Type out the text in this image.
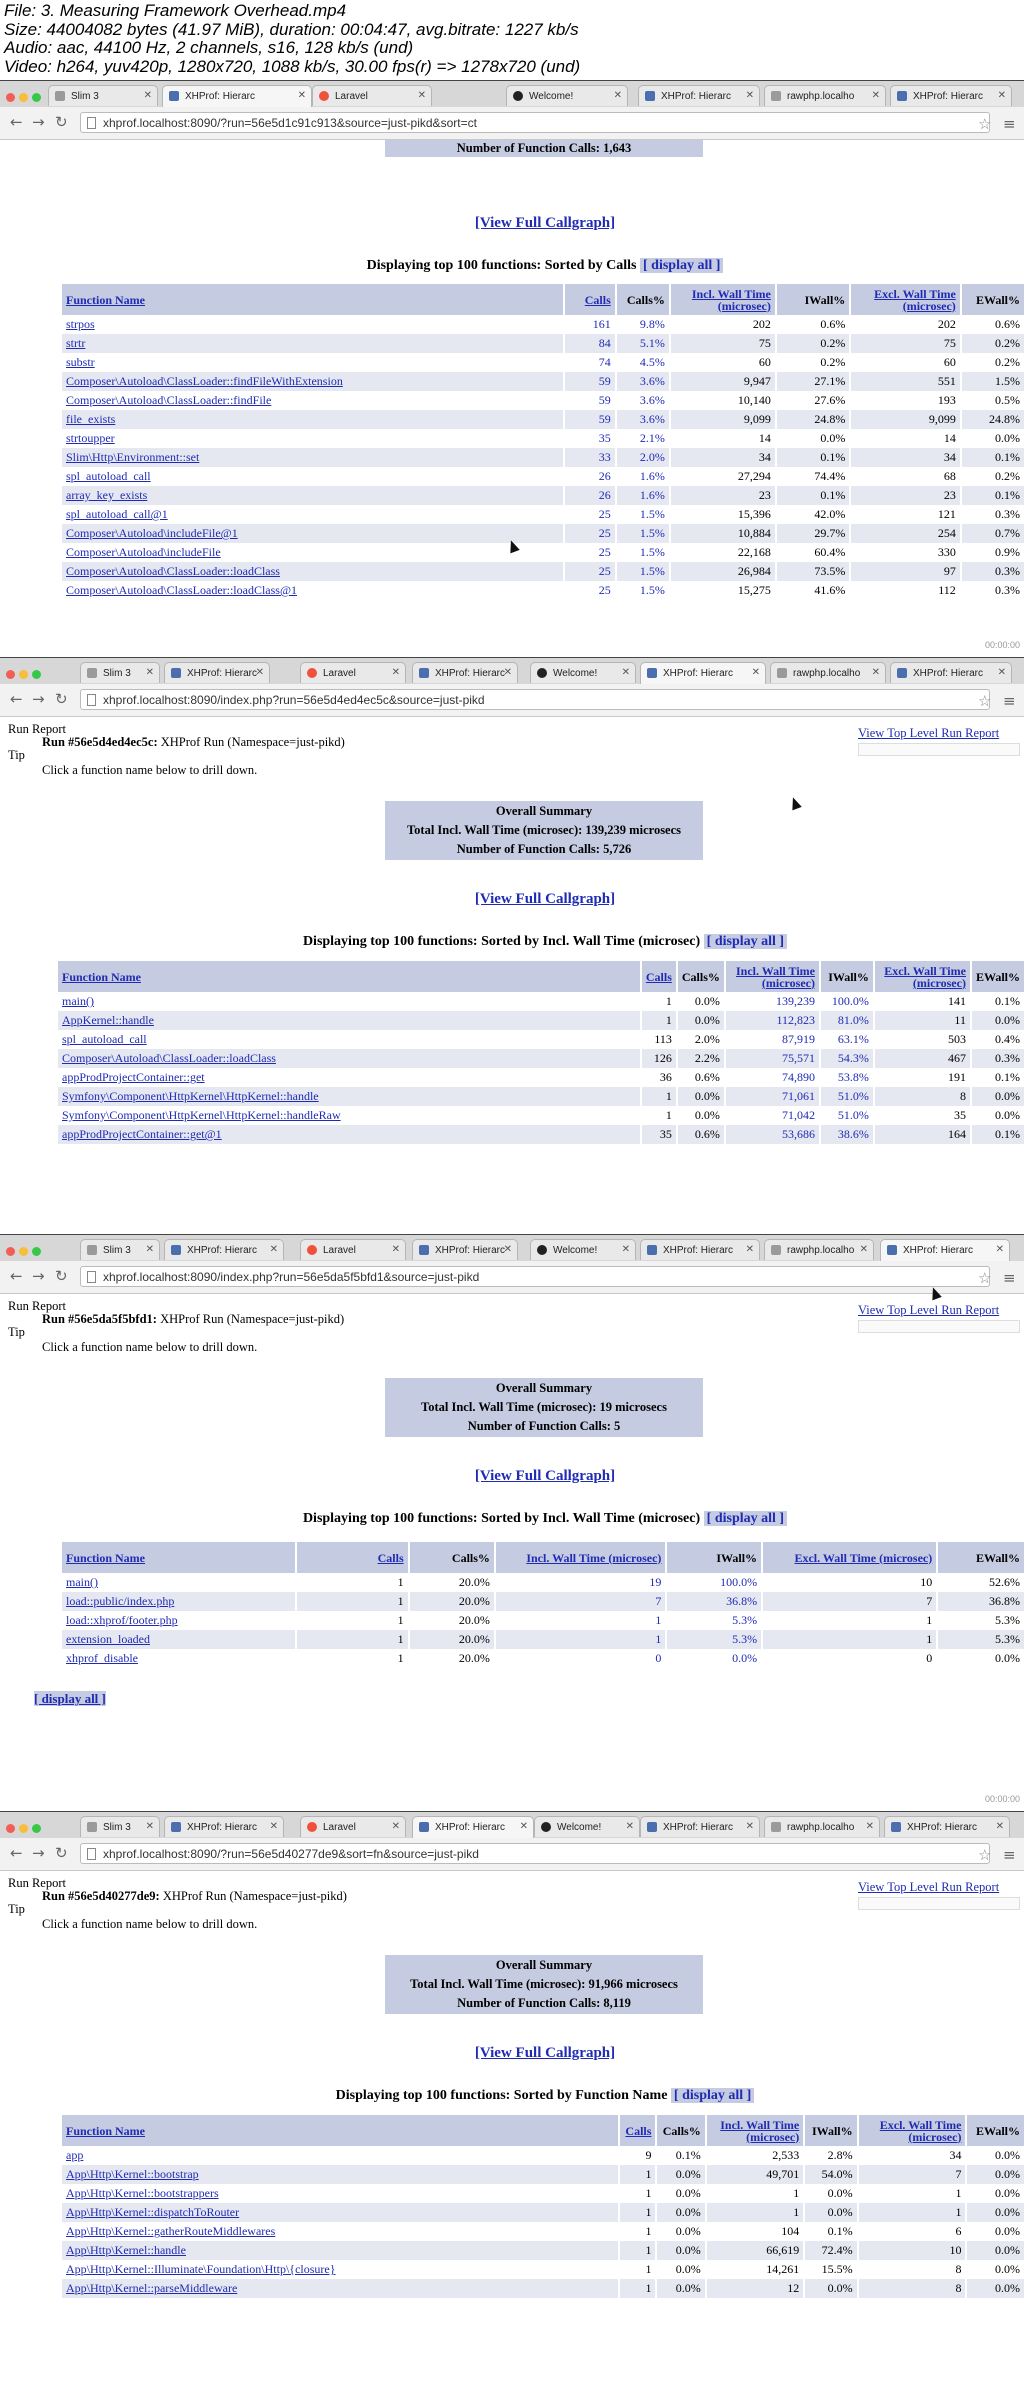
File: 3. Measuring Framework Overhead.mp4
Size: 44004082 bytes (41.97 MiB), duration: 00:04:47, avg.bitrate: 1227 kb/s
Audio: aac, 44100 Hz, 2 channels, s16, 128 kb/s (und)
Video: h264, yuv420p, 1280x720, 1088 kb/s, 30.00 fps(r) => 1278x720 (und)
Slim 3	✕	XHProf: Hierarc	✕	Laravel	✕	Welcome!	✕	XHProf: Hierarc ✕	rawphp.localho ✕	XHProf: Hierarc ✕
← → ↻	xhprof.localhost:8090/?run=56e5d1c91c913&source=just-pikd&sort=ct	☆ ≡
Number of Function Calls: 1,643
[View Full Callgraph]
Displaying top 100 functions: Sorted by Calls [ display all ]
Function Name	Calls	Calls%	Incl. Wall Time (microsec)	IWall%	Excl. Wall Time (microsec)	EWall%
strpos	161	9.8%	202	0.6%	202	0.6%
strtr	84	5.1%	75	0.2%	75	0.2%
substr	74	4.5%	60	0.2%	60	0.2%
Composer\Autoload\ClassLoader::findFileWithExtension	59	3.6%	9,947	27.1%	551	1.5%
Composer\Autoload\ClassLoader::findFile	59	3.6%	10,140	27.6%	193	0.5%
file_exists	59	3.6%	9,099	24.8%	9,099	24.8%
strtoupper	35	2.1%	14	0.0%	14	0.0%
Slim\Http\Environment::set	33	2.0%	34	0.1%	34	0.1%
spl_autoload_call	26	1.6%	27,294	74.4%	68	0.2%
array_key_exists	26	1.6%	23	0.1%	23	0.1%
spl_autoload_call@1	25	1.5%	15,396	42.0%	121	0.3%
Composer\Autoload\includeFile@1	25	1.5%	10,884	29.7%	254	0.7%
Composer\Autoload\includeFile	25	1.5%	22,168	60.4%	330	0.9%
Composer\Autoload\ClassLoader::loadClass	25	1.5%	26,984	73.5%	97	0.3%
Composer\Autoload\ClassLoader::loadClass@1	25	1.5%	15,275	41.6%	112	0.3%
00:00:00
Slim 3 ✕	XHProf: Hierarc
✕	Laravel	✕	XHProf: Hierarc
✕	Welcome! ✕	XHProf: Hierarc ✕	rawphp.localho ✕	XHProf: Hierarc ✕
← → ↻	xhprof.localhost:8090/index.php?run=56e5d4ed4ec5c&source=just-pikd	☆ ≡
Run Report
Run #56e5d4ed4ec5c: XHProf Run (Namespace=just-pikd)
View Top Level Run Report
Tip
Click a function name below to drill down.
Overall Summary
Total Incl. Wall Time (microsec): 139,239 microsecs
Number of Function Calls: 5,726
[View Full Callgraph]
Displaying top 100 functions: Sorted by Incl. Wall Time (microsec) [ display all ]
Function Name	Calls	Calls%	Incl. Wall Time (microsec)	IWall%	Excl. Wall Time (microsec)	EWall%
main()	1	0.0%	139,239	100.0%	141	0.1%
AppKernel::handle	1	0.0%	112,823	81.0%	11	0.0%
spl_autoload_call	113	2.0%	87,919	63.1%	503	0.4%
Composer\Autoload\ClassLoader::loadClass	126	2.2%	75,571	54.3%	467	0.3%
appProdProjectContainer::get	36	0.6%	74,890	53.8%	191	0.1%
Symfony\Component\HttpKernel\HttpKernel::handle	1	0.0%	71,061	51.0%	8	0.0%
Symfony\Component\HttpKernel\HttpKernel::handleRaw	1	0.0%	71,042	51.0%	35	0.0%
appProdProjectContainer::get@1	35	0.6%	53,686	38.6%	164	0.1%
Slim 3 ✕	XHProf: Hierarc ✕	Laravel	✕	XHProf: Hierarc
✕	Welcome! ✕	XHProf: Hierarc ✕	rawphp.localho ✕	XHProf: Hierarc ✕
← → ↻	xhprof.localhost:8090/index.php?run=56e5da5f5bfd1&source=just-pikd	☆ ≡
Run Report
Run #56e5da5f5bfd1: XHProf Run (Namespace=just-pikd)
View Top Level Run Report
Tip
Click a function name below to drill down.
Overall Summary
Total Incl. Wall Time (microsec): 19 microsecs
Number of Function Calls: 5
[View Full Callgraph]
Displaying top 100 functions: Sorted by Incl. Wall Time (microsec) [ display all ]
Function Name	Calls	Calls%	Incl. Wall Time (microsec)	IWall%	Excl. Wall Time (microsec)	EWall%
main()	1	20.0%	19	100.0%	10	52.6%
load::public/index.php	1	20.0%	7	36.8%	7	36.8%
load::xhprof/footer.php	1	20.0%	1	5.3%	1	5.3%
extension_loaded	1	20.0%	1	5.3%	1	5.3%
xhprof_disable	1	20.0%	0	0.0%	0	0.0%
[ display all ]
00:00:00
Slim 3 ✕	XHProf: Hierarc ✕	Laravel	✕	XHProf: Hierarc ✕	Welcome! ✕	XHProf: Hierarc ✕	rawphp.localho ✕	XHProf: Hierarc ✕
← → ↻	xhprof.localhost:8090/?run=56e5d40277de9&sort=fn&source=just-pikd	☆ ≡
Run Report
Run #56e5d40277de9: XHProf Run (Namespace=just-pikd)
View Top Level Run Report
Tip
Click a function name below to drill down.
Overall Summary
Total Incl. Wall Time (microsec): 91,966 microsecs
Number of Function Calls: 8,119
[View Full Callgraph]
Displaying top 100 functions: Sorted by Function Name [ display all ]
Function Name	Calls	Calls%	Incl. Wall Time (microsec)	IWall%	Excl. Wall Time (microsec)	EWall%
app	9	0.1%	2,533	2.8%	34	0.0%
App\Http\Kernel::bootstrap	1	0.0%	49,701	54.0%	7	0.0%
App\Http\Kernel::bootstrappers	1	0.0%	1	0.0%	1	0.0%
App\Http\Kernel::dispatchToRouter	1	0.0%	1	0.0%	1	0.0%
App\Http\Kernel::gatherRouteMiddlewares	1	0.0%	104	0.1%	6	0.0%
App\Http\Kernel::handle	1	0.0%	66,619	72.4%	10	0.0%
App\Http\Kernel::Illuminate\Foundation\Http\{closure}	1	0.0%	14,261	15.5%	8	0.0%
App\Http\Kernel::parseMiddleware	1	0.0%	12	0.0%	8	0.0%
